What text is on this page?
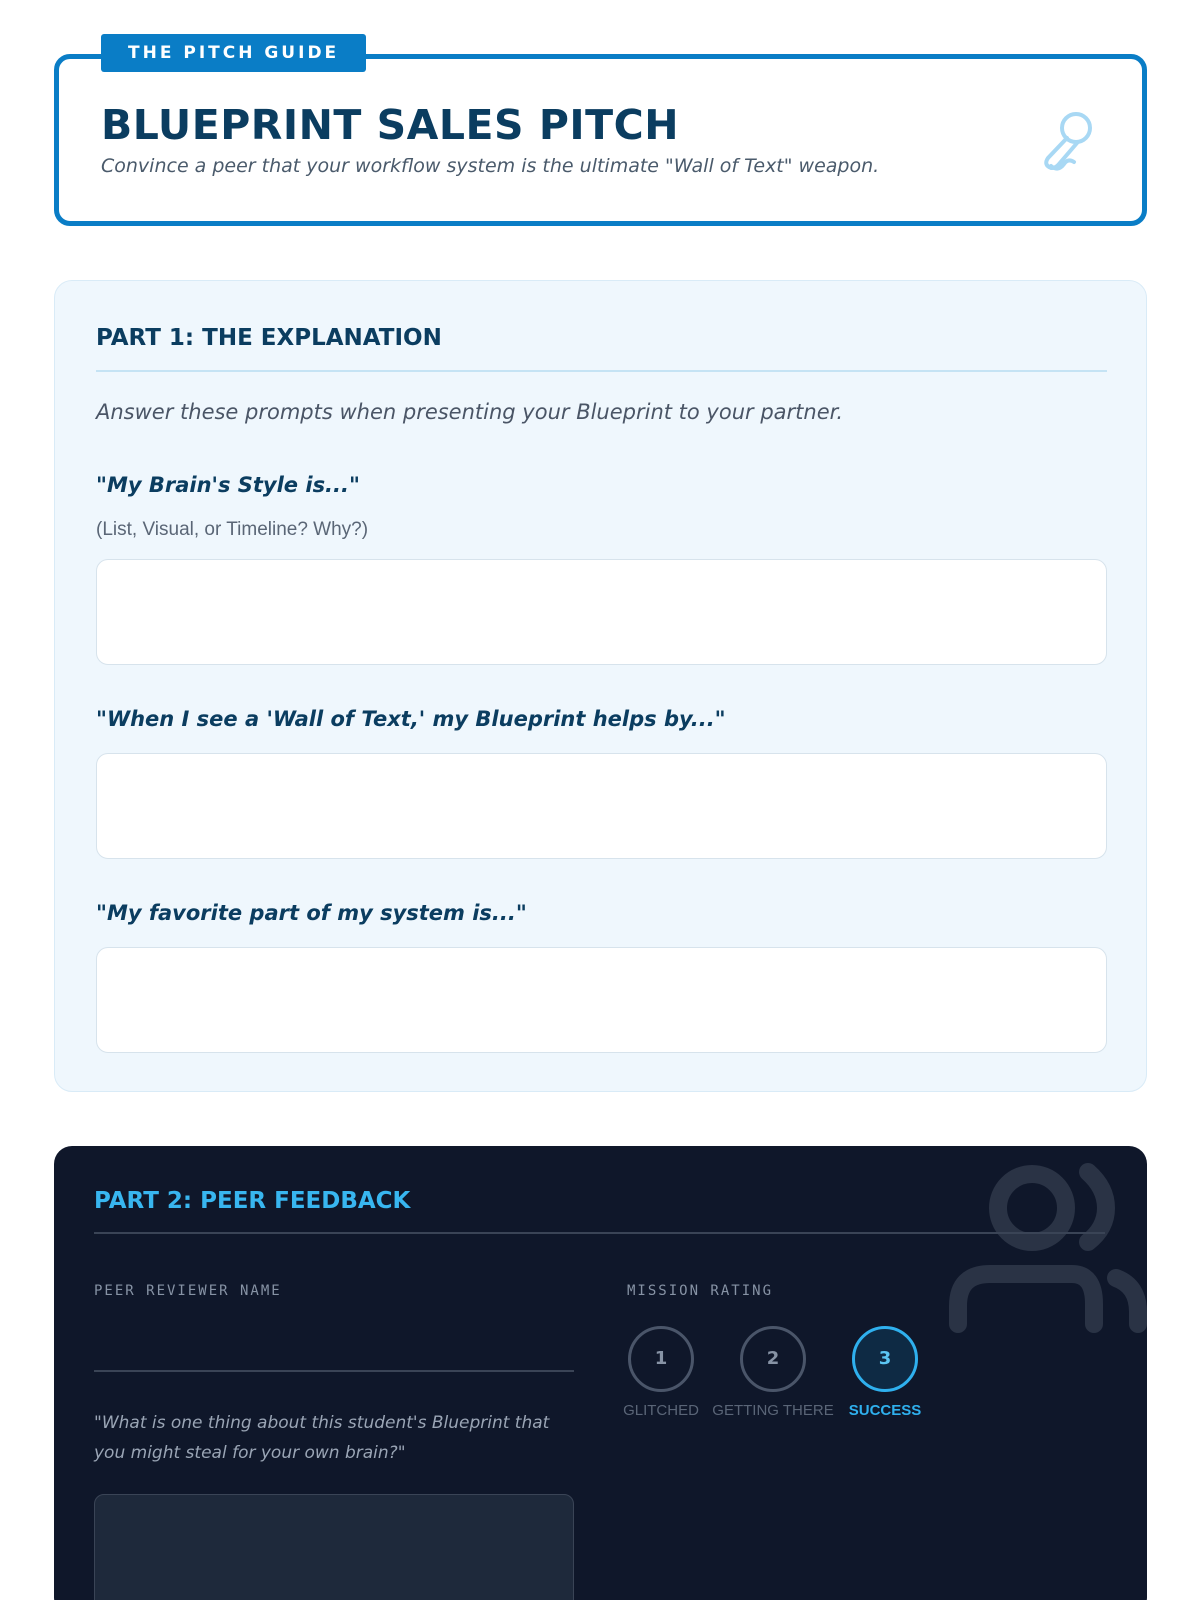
THE PITCH GUIDE
BLUEPRINT SALES PITCH
Convince a peer that your workflow system is the ultimate "Wall of Text" weapon.
PART 1: THE EXPLANATION

Answer these prompts when presenting your Blueprint to your partner.

"My Brain's Style is..."
(List, Visual, or Timeline? Why?)
"When I see a 'Wall of Text,' my Blueprint helps by..."
"My favorite part of my system is..."
PART 2: PEER FEEDBACK
PEER REVIEWER NAME

"What is one thing about this student's Blueprint that you might steal for your own brain?"

MISSION RATING
1
GLITCHED
2
GETTING THERE
3
SUCCESS
